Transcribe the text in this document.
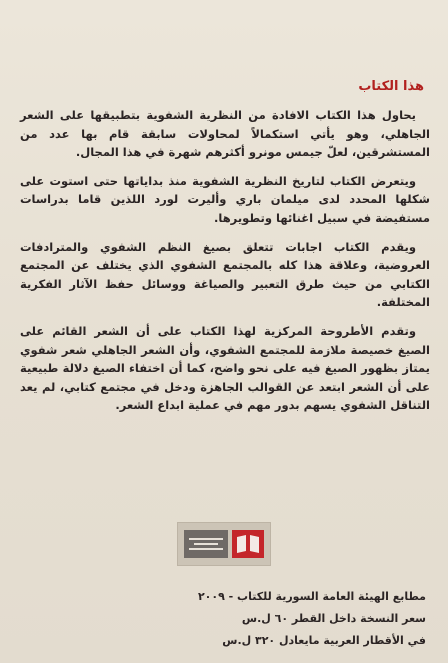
هذا الكتاب

يحاول هذا الكتاب الافادة من النظرية الشفوية بتطبيقها على الشعر الجاهلي، وهو يأتي استكمالاً لمحاولات سابقة قام بها عدد من المستشرقين، لعلّ جيمس مونرو أكثرهم شهرة في هذا المجال.

ويتعرض الكتاب لتاريخ النظرية الشفوية منذ بداياتها حتى استوت على شكلها المحدد لدى ميلمان باري وأليرت لورد اللذين قاما بدراسات مستفيضة في سبيل اغنائها وتطويرها.

ويقدم الكتاب اجابات تتعلق بصيغ النظم الشفوي والمترادفات العروضية، وعلاقة هذا كله بالمجتمع الشفوي الذي يختلف عن المجتمع الكتابي من حيث طرق التعبير والصياغة ووسائل حفظ الآثار الفكرية المختلفة.

وتقدم الأطروحة المركزية لهذا الكتاب على أن الشعر القائم على الصيغ خصيصة ملازمة للمجتمع الشفوي، وأن الشعر الجاهلي شعر شفوي يمتاز بظهور الصيغ فيه على نحو واضح، كما أن اختفاء الصيغ دلالة طبيعية على أن الشعر ابتعد عن القوالب الجاهزة ودخل في مجتمع كتابي، لم يعد التناقل الشفوي يسهم بدور مهم في عملية ابداع الشعر.

مطابع الهيئة العامة السورية للكتاب - ٢٠٠٩
سعر النسخة داخل القطر ٦٠ ل.س
في الأقطار العربية مايعادل ٣٢٠ ل.س
